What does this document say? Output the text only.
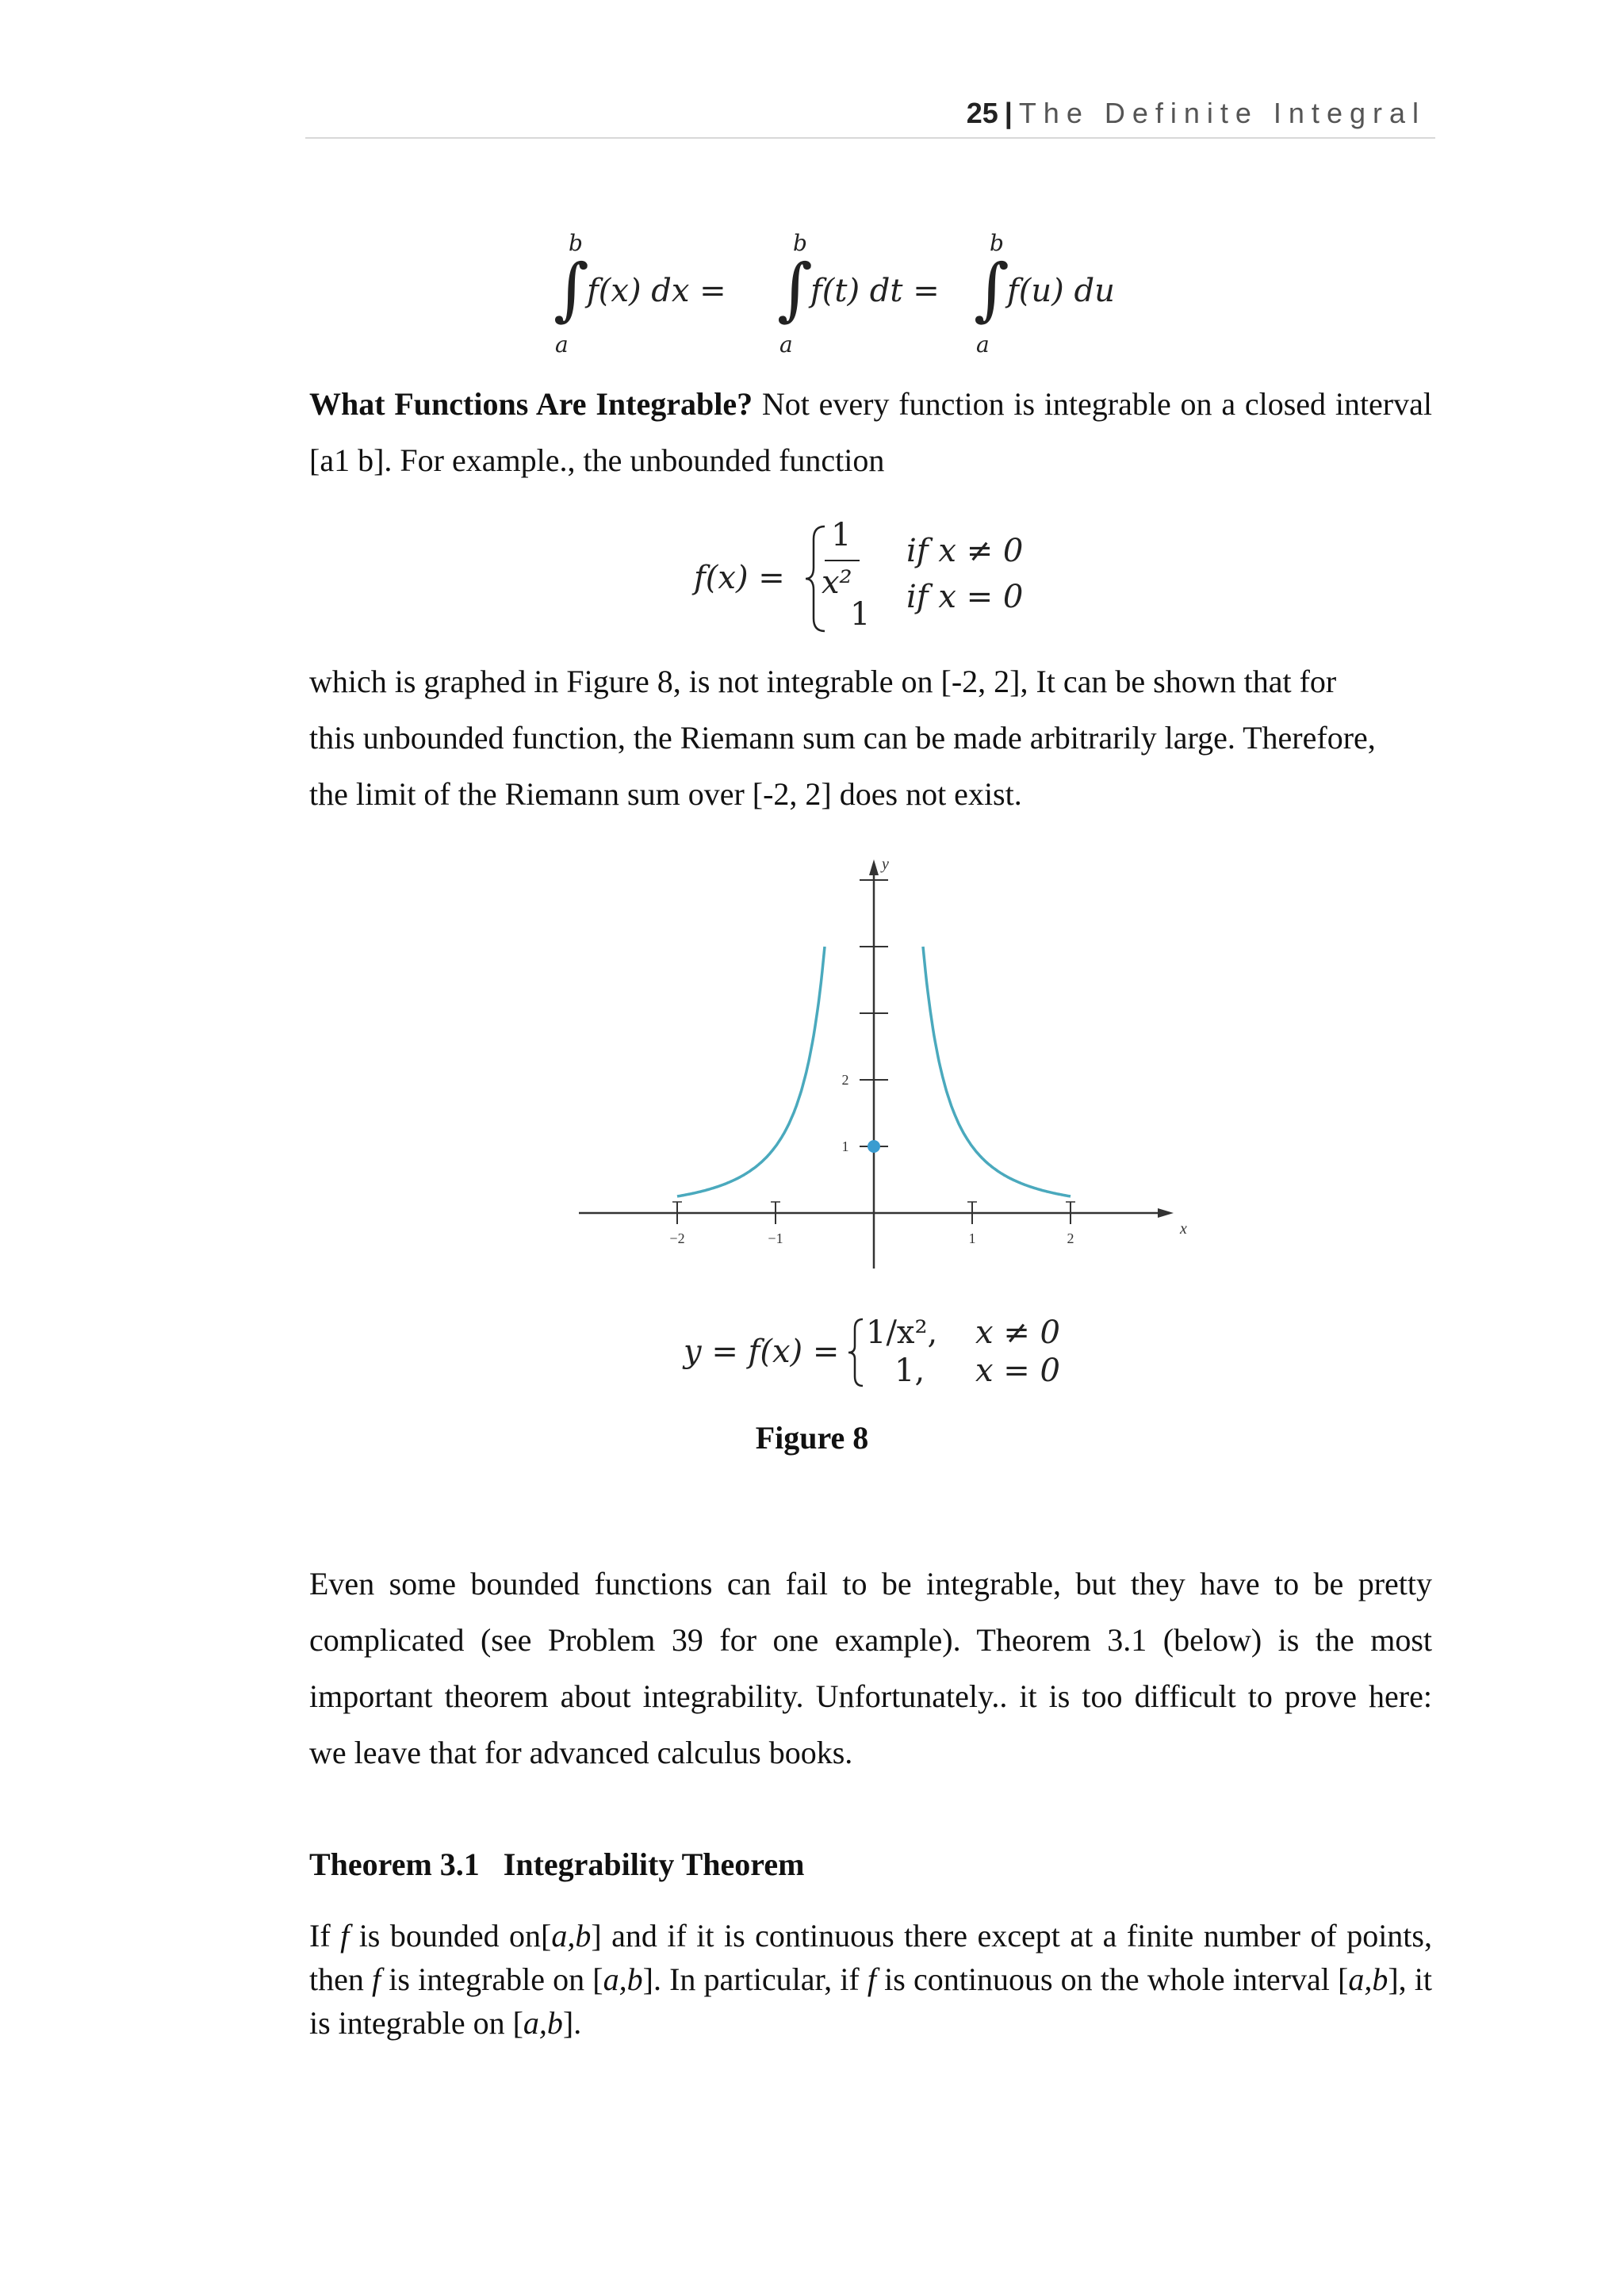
25 | The Definite Integral
b
∫
a
f(x) dx =
b
∫
a
f(t) dt =
b
∫
a
f(u) du
What Functions Are Integrable? Not every function is integrable on a closed interval [a1 b]. For example., the unbounded function
f(x) =
1
x²
1
if x ≠ 0
if x = 0
which is graphed in Figure 8, is not integrable on [-2, 2], It can be shown that for
this unbounded function, the Riemann sum can be made arbitrarily large. Therefore,
the limit of the Riemann sum over [-2, 2] does not exist.
x
y
−2	−1	1	2
1
2
y = f(x) =
1/x², x ≠ 0
1, x = 0
Figure 8
Even some bounded functions can fail to be integrable, but they have to be pretty complicated (see Problem 39 for one example). Theorem 3.1 (below) is the most important theorem about integrability. Unfortunately.. it is too difficult to prove here: we leave that for advanced calculus books.
Theorem 3.1   Integrability Theorem
If f is bounded on[a,b] and if it is continuous there except at a finite number of points, then f is integrable on [a,b]. In particular, if f is continuous on the whole interval [a,b], it is integrable on [a,b].
